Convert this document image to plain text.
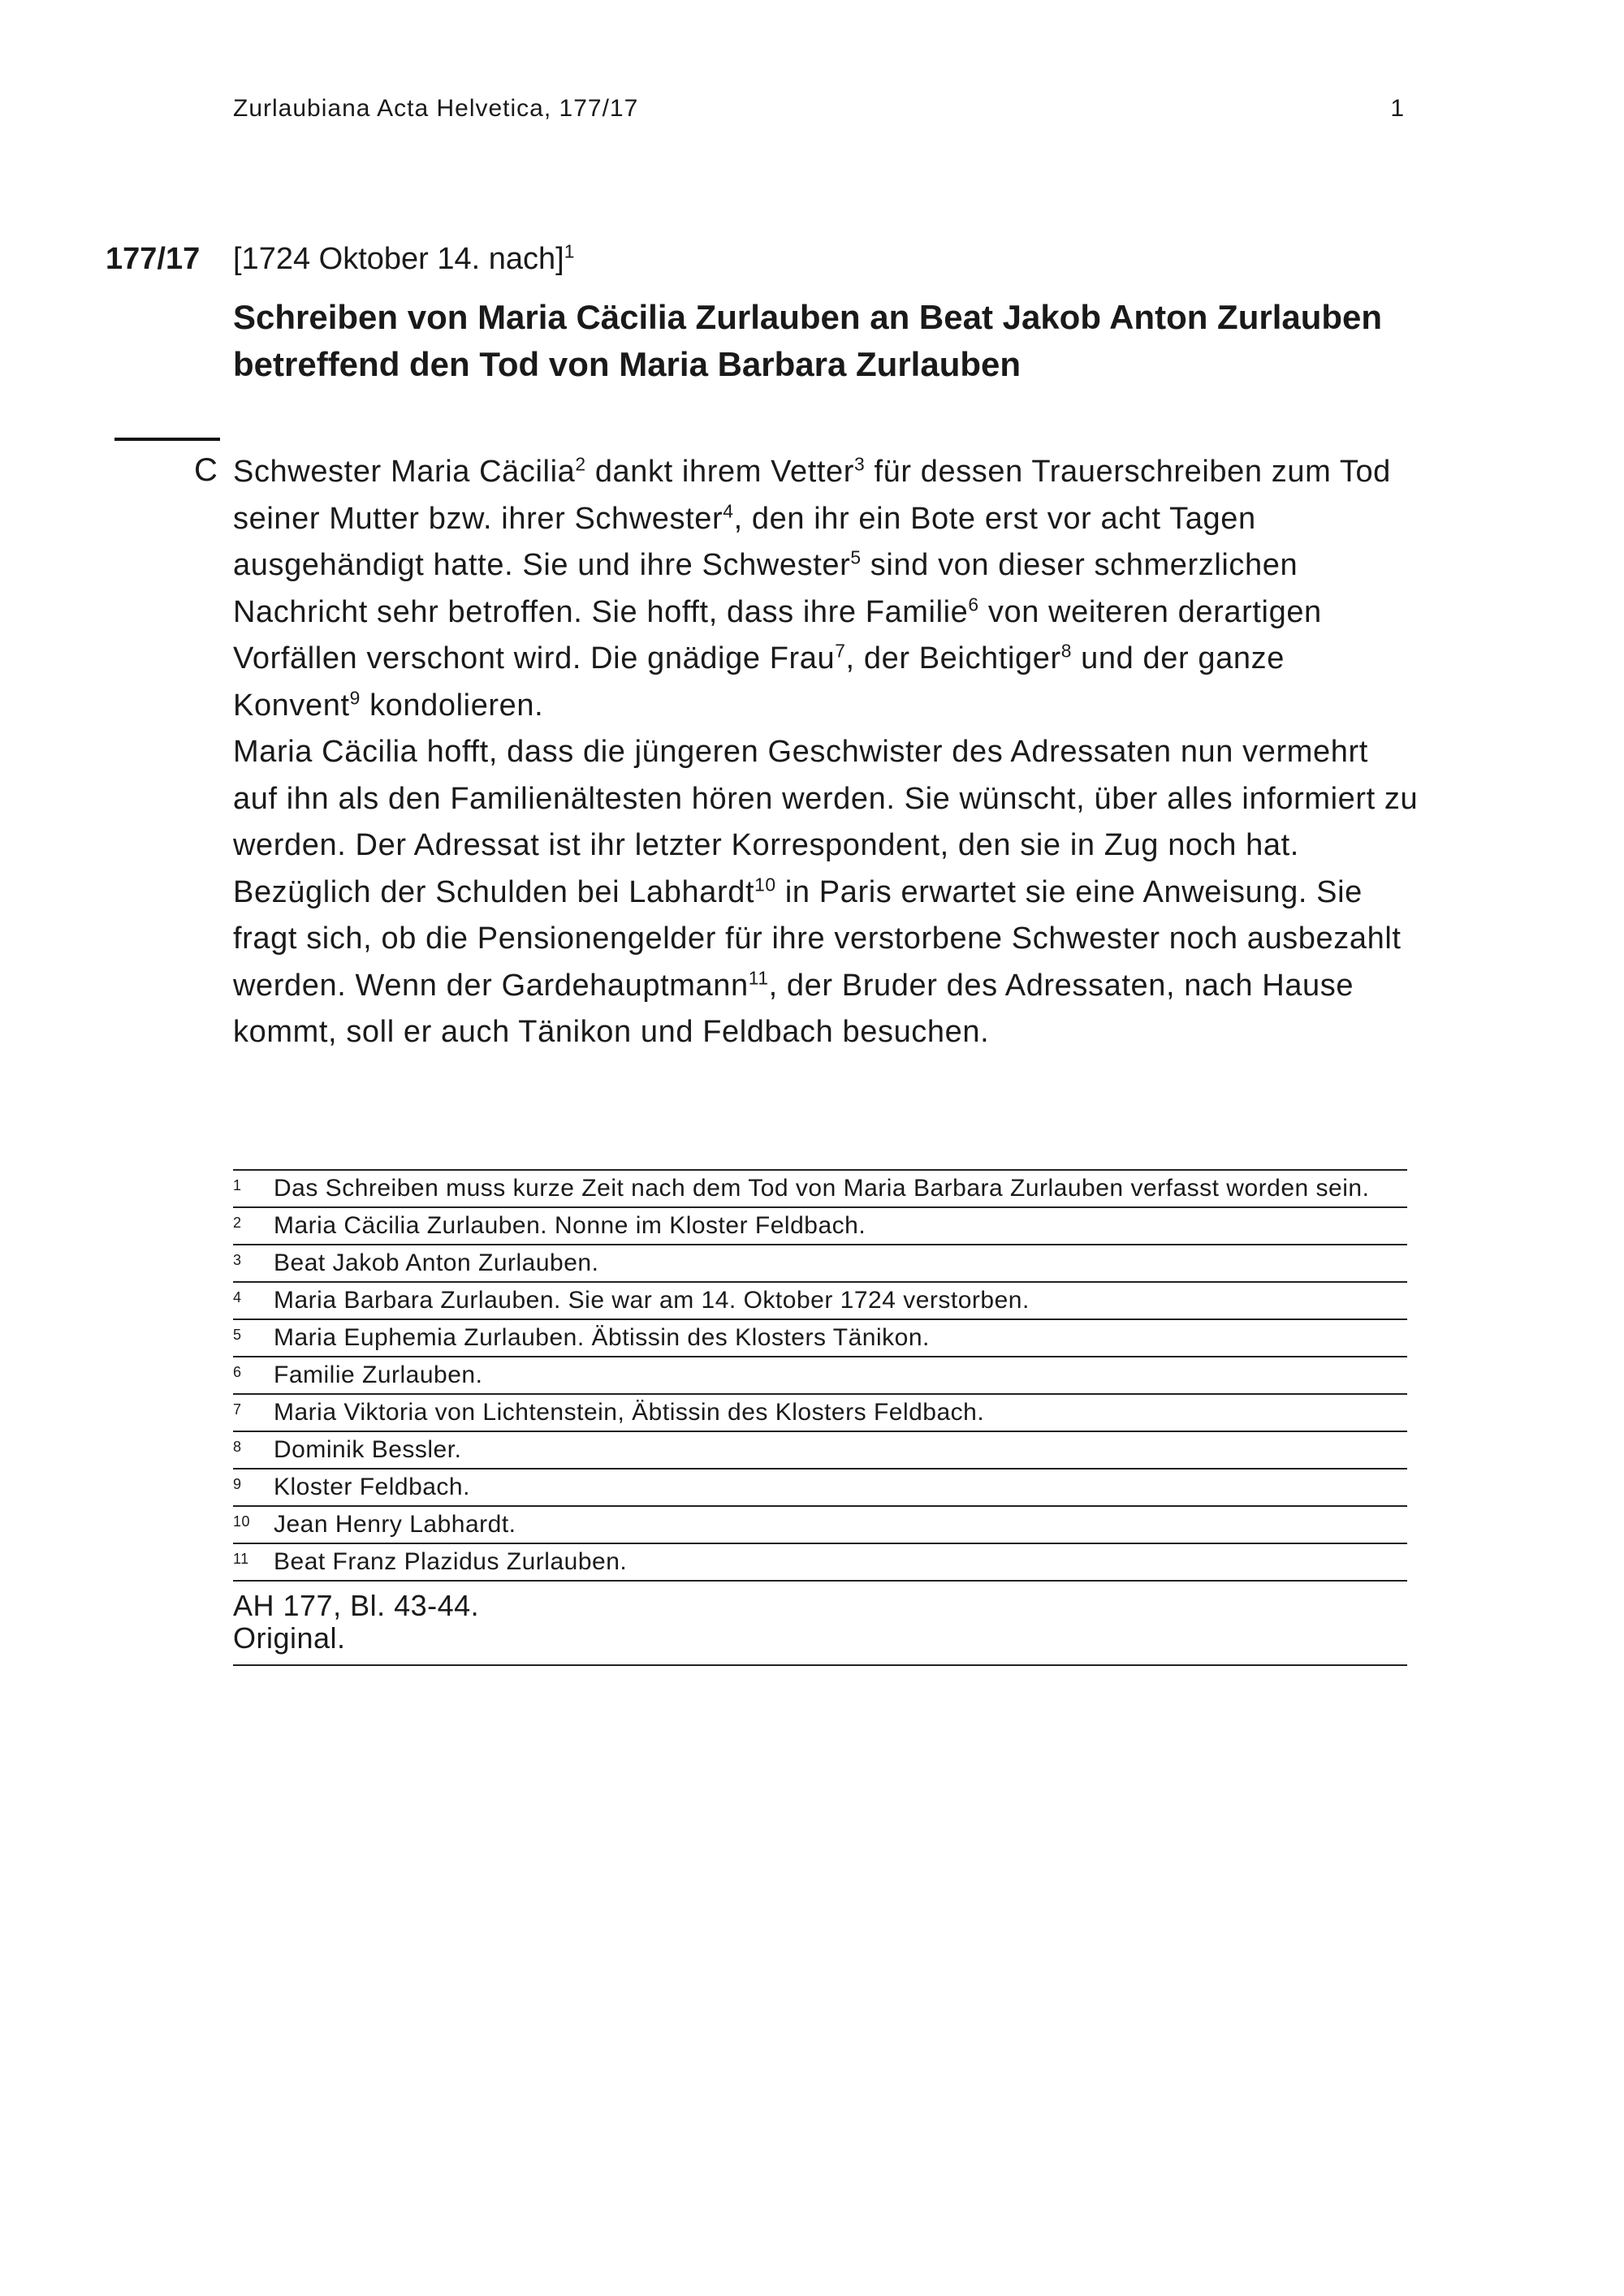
Zurlaubiana Acta Helvetica, 177/17	1
177/17 [1724 Oktober 14. nach]$^1$
Schreiben von Maria Cäcilia Zurlauben an Beat Jakob Anton Zurlauben betreffend den Tod von Maria Barbara Zurlauben
C Schwester Maria Cäcilia$^2$ dankt ihrem Vetter$^3$ für dessen Trauerschreiben zum Tod seiner Mutter bzw. ihrer Schwester$^4$, den ihr ein Bote erst vor acht Tagen ausgehändigt hatte. Sie und ihre Schwester$^5$ sind von dieser schmerzlichen Nachricht sehr betroffen. Sie hofft, dass ihre Familie$^6$ von weiteren derartigen Vorfällen verschont wird. Die gnädige Frau$^7$, der Beichtiger$^8$ und der ganze Konvent$^9$ kondolieren.
Maria Cäcilia hofft, dass die jüngeren Geschwister des Adressaten nun vermehrt auf ihn als den Familienältesten hören werden. Sie wünscht, über alles informiert zu werden. Der Adressat ist ihr letzter Korrespondent, den sie in Zug noch hat. Bezüglich der Schulden bei Labhardt$^{10}$ in Paris erwartet sie eine Anweisung. Sie fragt sich, ob die Pensionengelder für ihre verstorbene Schwester noch ausbezahlt werden. Wenn der Gardehauptmann$^{11}$, der Bruder des Adressaten, nach Hause kommt, soll er auch Tänikon und Feldbach besuchen.
1 Das Schreiben muss kurze Zeit nach dem Tod von Maria Barbara Zurlauben verfasst worden sein.
2 Maria Cäcilia Zurlauben. Nonne im Kloster Feldbach.
3 Beat Jakob Anton Zurlauben.
4 Maria Barbara Zurlauben. Sie war am 14. Oktober 1724 verstorben.
5 Maria Euphemia Zurlauben. Äbtissin des Klosters Tänikon.
6 Familie Zurlauben.
7 Maria Viktoria von Lichtenstein, Äbtissin des Klosters Feldbach.
8 Dominik Bessler.
9 Kloster Feldbach.
10 Jean Henry Labhardt.
11 Beat Franz Plazidus Zurlauben.
AH 177, Bl. 43-44.
Original.
